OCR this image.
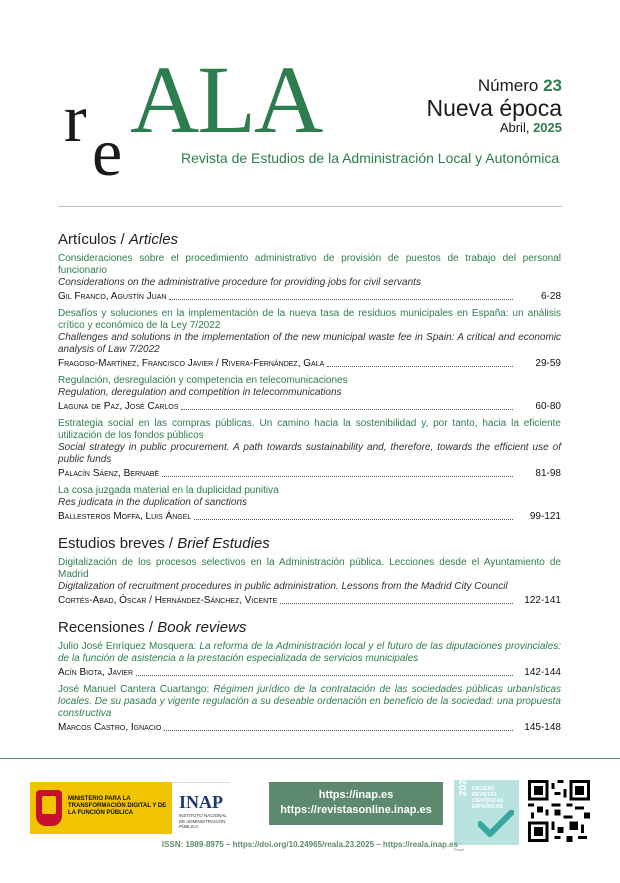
r e ALA
Revista de Estudios de la Administración Local y Autonómica
Número 23
Nueva época
Abril, 2025
Artículos / Articles
Consideraciones sobre el procedimiento administrativo de provisión de puestos de trabajo del personal funcionario
Considerations on the administrative procedure for providing jobs for civil servants
Gil Franco, Agustín Juan	6-28
Desafíos y soluciones en la implementación de la nueva tasa de residuos municipales en España: un análisis crítico y económico de la Ley 7/2022
Challenges and solutions in the implementation of the new municipal waste fee in Spain: A critical and economic analysis of Law 7/2022
Fragoso-Martínez, Francisco Javier / Rivera-Fernández, Gala	29-59
Regulación, desregulación y competencia en telecomunicaciones
Regulation, deregulation and competition in telecommunications
Laguna de Paz, José Carlos	60-80
Estrategia social en las compras públicas. Un camino hacia la sostenibilidad y, por tanto, hacia la eficiente utilización de los fondos públicos
Social strategy in public procurement. A path towards sustainability and, therefore, towards the efficient use of public funds
Palacín Sáenz, Bernabé	81-98
La cosa juzgada material en la duplicidad punitiva
Res judicata in the duplication of sanctions
Ballesteros Moffa, Luis Ángel	99-121
Estudios breves / Brief Estudies
Digitalización de los procesos selectivos en la Administración pública. Lecciones desde el Ayuntamiento de Madrid
Digitalization of recruitment procedures in public administration. Lessons from the Madrid City Council
Cortés-Abad, Óscar / Hernández-Sánchez, Vicente	122-141
Recensiones / Book reviews
Julio José Enríquez Mosquera: La reforma de la Administración local y el futuro de las diputaciones provinciales: de la función de asistencia a la prestación especializada de servicios municipales
Acín Biota, Javier	142-144
José Manuel Cantera Cuartango: Régimen jurídico de la contratación de las sociedades públicas urbanísticas locales. De su pasada y vigente regulación a su deseable ordenación en beneficio de la sociedad: una propuesta constructiva
Marcos Castro, Ignacio	145-148
MINISTERIO PARA LA TRANSFORMACIÓN DIGITAL Y DE LA FUNCIÓN PÚBLICA
INAP
INSTITUTO NACIONAL DE ADMINISTRACIÓN PÚBLICA
https://inap.es
https://revistasonline.inap.es
2024 CALIDAD REVISTAS CIENTÍFICAS ESPAÑOLAS
Fecyt
ISSN: 1989-8975 – https://doi.org/10.24965/reala.23.2025 – https://reala.inap.es
